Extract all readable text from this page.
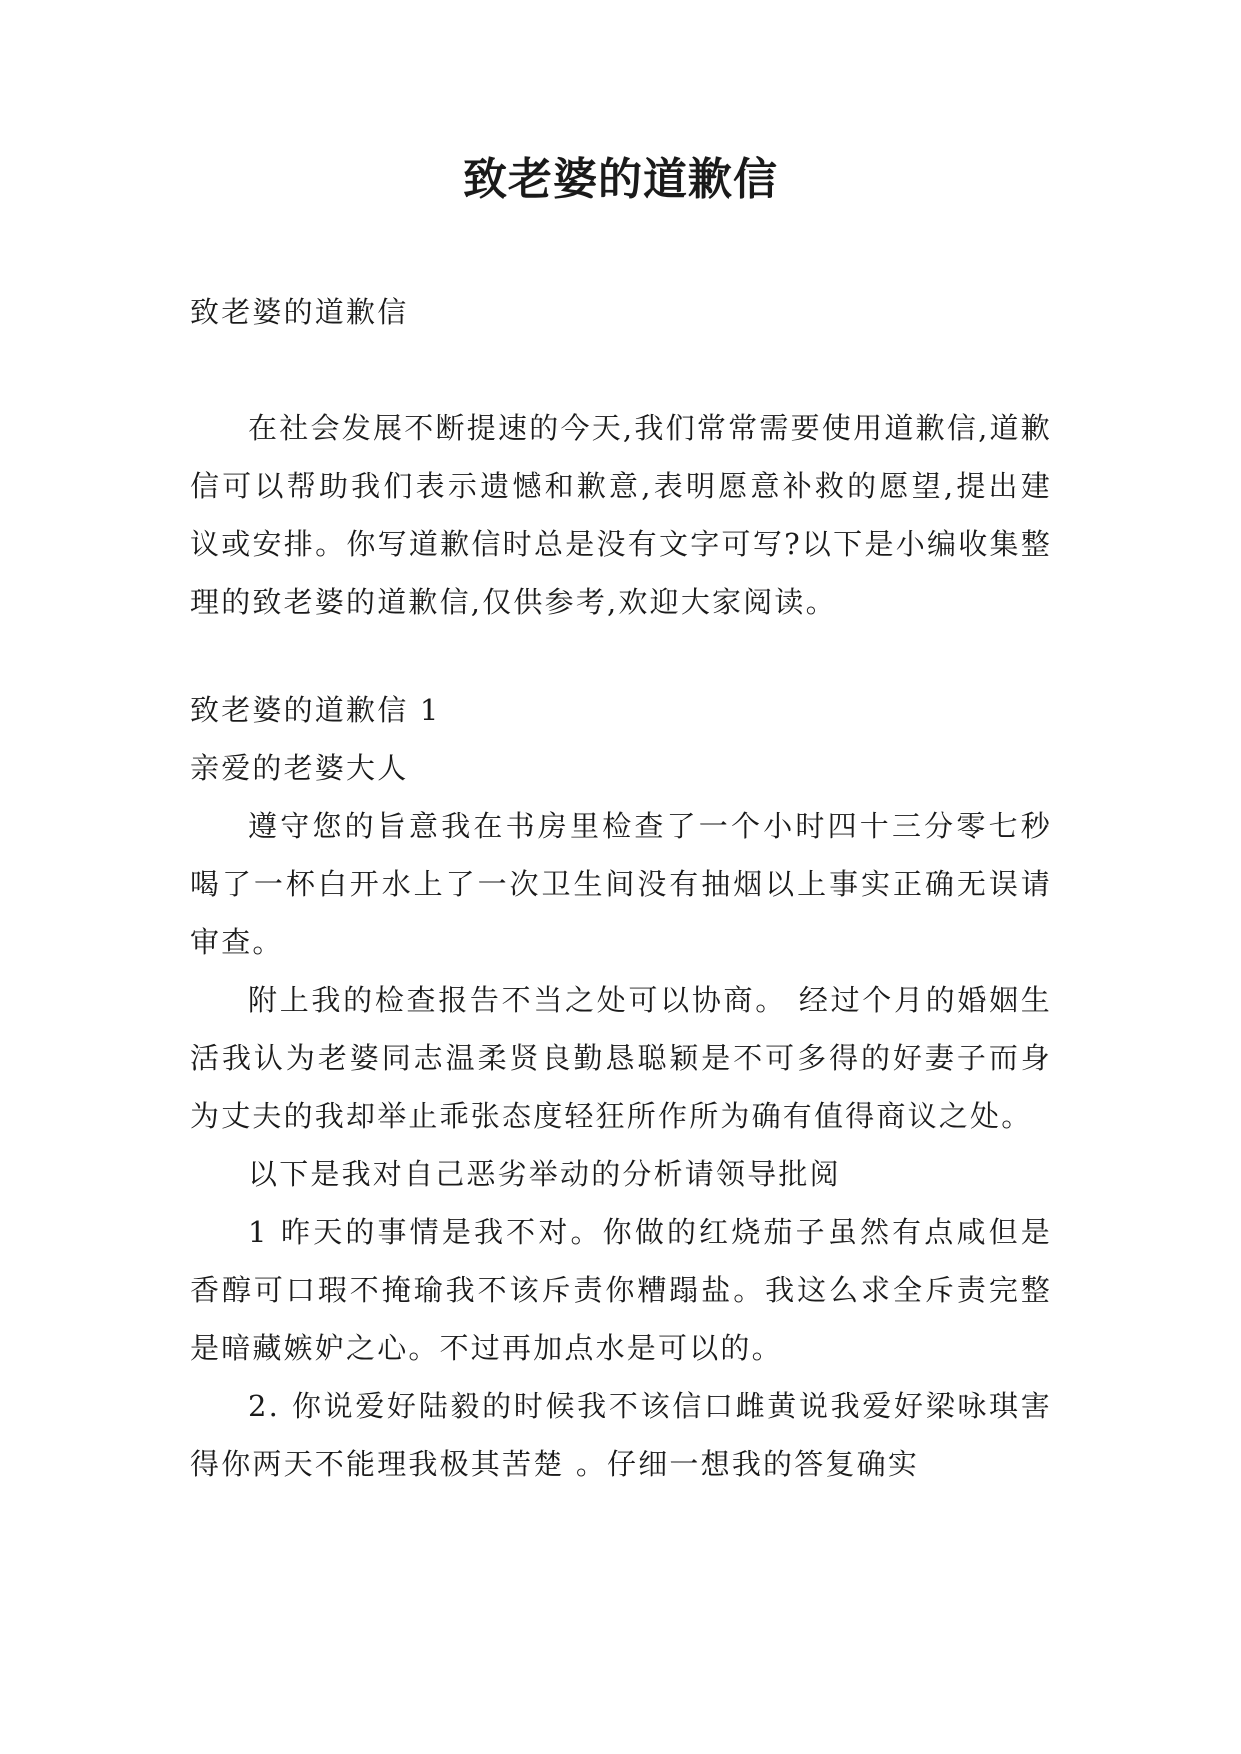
致老婆的道歉信

致老婆的道歉信

在社会发展不断提速的今天,我们常常需要使用道歉信,道歉信可以帮助我们表示遗憾和歉意,表明愿意补救的愿望,提出建议或安排。你写道歉信时总是没有文字可写?以下是小编收集整理的致老婆的道歉信,仅供参考,欢迎大家阅读。

致老婆的道歉信 1

亲爱的老婆大人

遵守您的旨意我在书房里检查了一个小时四十三分零七秒喝了一杯白开水上了一次卫生间没有抽烟以上事实正确无误请审查。

附上我的检查报告不当之处可以协商。 经过个月的婚姻生活我认为老婆同志温柔贤良勤恳聪颖是不可多得的好妻子而身为丈夫的我却举止乖张态度轻狂所作所为确有值得商议之处。

以下是我对自己恶劣举动的分析请领导批阅

1 昨天的事情是我不对。你做的红烧茄子虽然有点咸但是香醇可口瑕不掩瑜我不该斥责你糟蹋盐。我这么求全斥责完整是暗藏嫉妒之心。不过再加点水是可以的。

2. 你说爱好陆毅的时候我不该信口雌黄说我爱好梁咏琪害得你两天不能理我极其苦楚 。仔细一想我的答复确实
